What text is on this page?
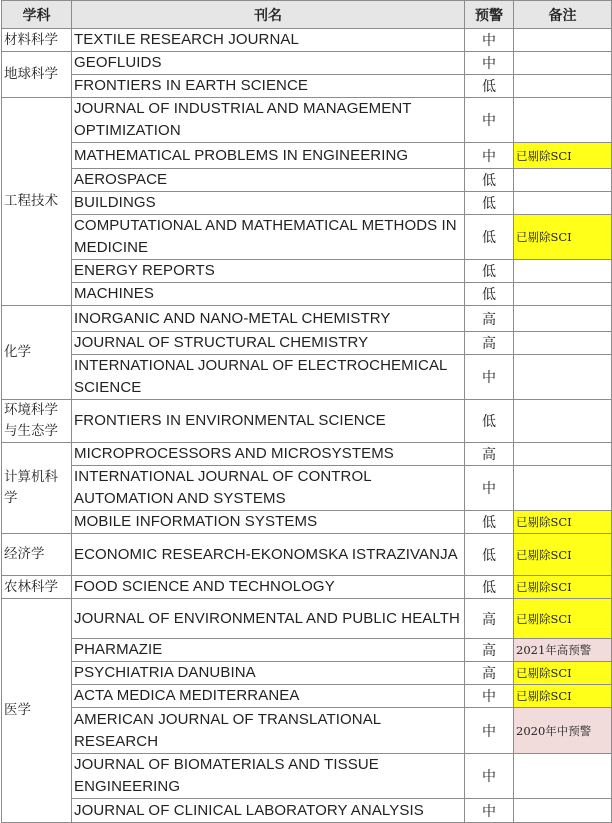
学科	刊名	预警	备注
材料科学	TEXTILE RESEARCH JOURNAL	中	
地球科学	GEOFLUIDS	中	
	FRONTIERS IN EARTH SCIENCE	低	
工程技术	JOURNAL OF INDUSTRIAL AND MANAGEMENT OPTIMIZATION	中	
	MATHEMATICAL PROBLEMS IN ENGINEERING	中	已剔除SCI
	AEROSPACE	低	
	BUILDINGS	低	
	COMPUTATIONAL AND MATHEMATICAL METHODS IN MEDICINE	低	已剔除SCI
	ENERGY REPORTS	低	
	MACHINES	低	
化学	INORGANIC AND NANO-METAL CHEMISTRY	高	
	JOURNAL OF STRUCTURAL CHEMISTRY	高	
	INTERNATIONAL JOURNAL OF ELECTROCHEMICAL SCIENCE	中	
环境科学与生态学	FRONTIERS IN ENVIRONMENTAL SCIENCE	低	
计算机科学	MICROPROCESSORS AND MICROSYSTEMS	高	
	INTERNATIONAL JOURNAL OF CONTROL AUTOMATION AND SYSTEMS	中	
	MOBILE INFORMATION SYSTEMS	低	已剔除SCI
经济学	ECONOMIC RESEARCH-EKONOMSKA ISTRAZIVANJA	低	已剔除SCI
农林科学	FOOD SCIENCE AND TECHNOLOGY	低	已剔除SCI
医学	JOURNAL OF ENVIRONMENTAL AND PUBLIC HEALTH	高	已剔除SCI
	PHARMAZIE	高	2021年高预警
	PSYCHIATRIA DANUBINA	高	已剔除SCI
	ACTA MEDICA MEDITERRANEA	中	已剔除SCI
	AMERICAN JOURNAL OF TRANSLATIONAL RESEARCH	中	2020年中预警
	JOURNAL OF BIOMATERIALS AND TISSUE ENGINEERING	中	
	JOURNAL OF CLINICAL LABORATORY ANALYSIS	中	
